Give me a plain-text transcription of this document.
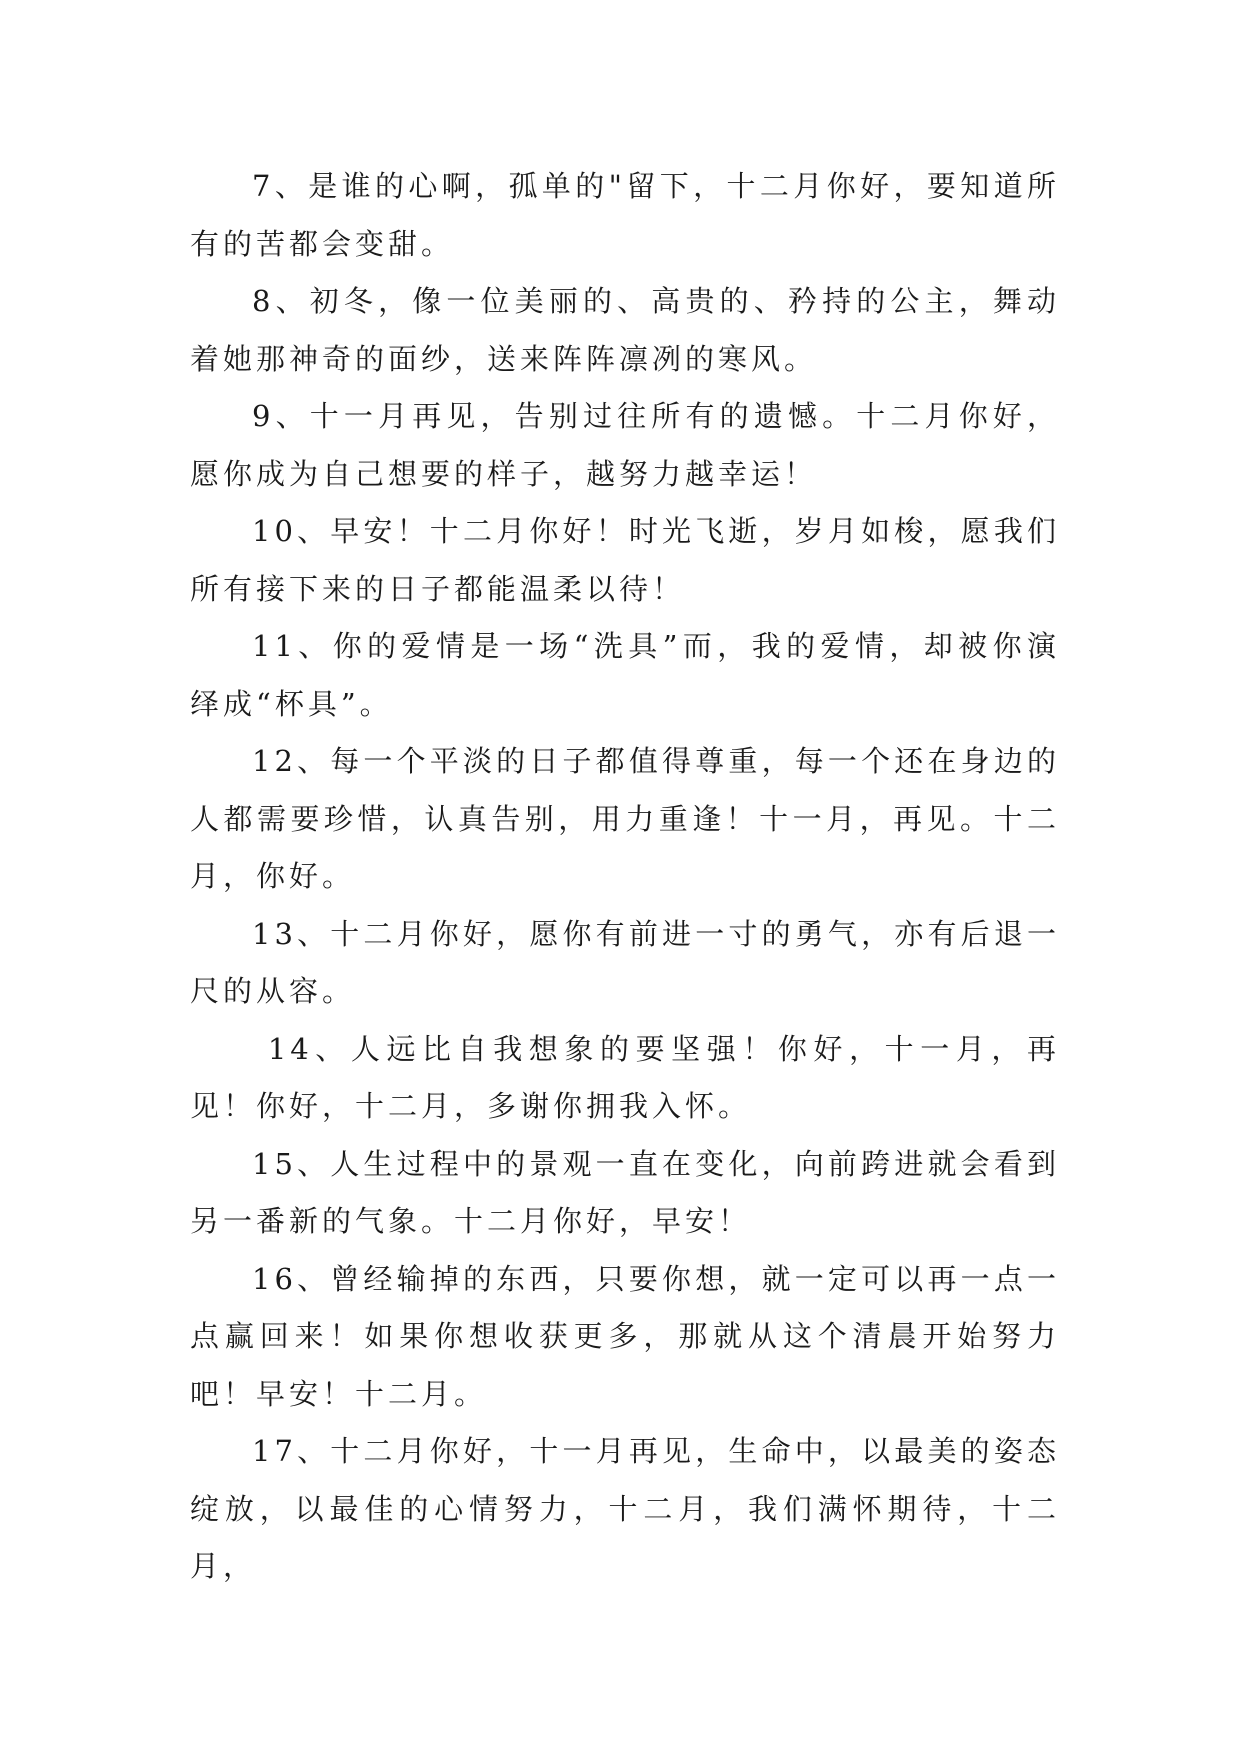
7、是谁的心啊，孤单的"留下，十二月你好，要知道所有的苦都会变甜。

8、初冬，像一位美丽的、高贵的、矜持的公主，舞动着她那神奇的面纱，送来阵阵凛冽的寒风。

9、十一月再见，告别过往所有的遗憾。十二月你好，愿你成为自己想要的样子，越努力越幸运！

10、早安！十二月你好！时光飞逝，岁月如梭，愿我们所有接下来的日子都能温柔以待！

11、你的爱情是一场“洗具”而，我的爱情，却被你演绎成“杯具”。

12、每一个平淡的日子都值得尊重，每一个还在身边的人都需要珍惜，认真告别，用力重逢！十一月，再见。十二月，你好。

13、十二月你好，愿你有前进一寸的勇气，亦有后退一尺的从容。

14、人远比自我想象的要坚强！你好，十一月，再见！你好，十二月，多谢你拥我入怀。

15、人生过程中的景观一直在变化，向前跨进就会看到另一番新的气象。十二月你好，早安！

16、曾经输掉的东西，只要你想，就一定可以再一点一点赢回来！如果你想收获更多，那就从这个清晨开始努力吧！早安！十二月。

17、十二月你好，十一月再见，生命中，以最美的姿态绽放，以最佳的心情努力，十二月，我们满怀期待，十二月，
